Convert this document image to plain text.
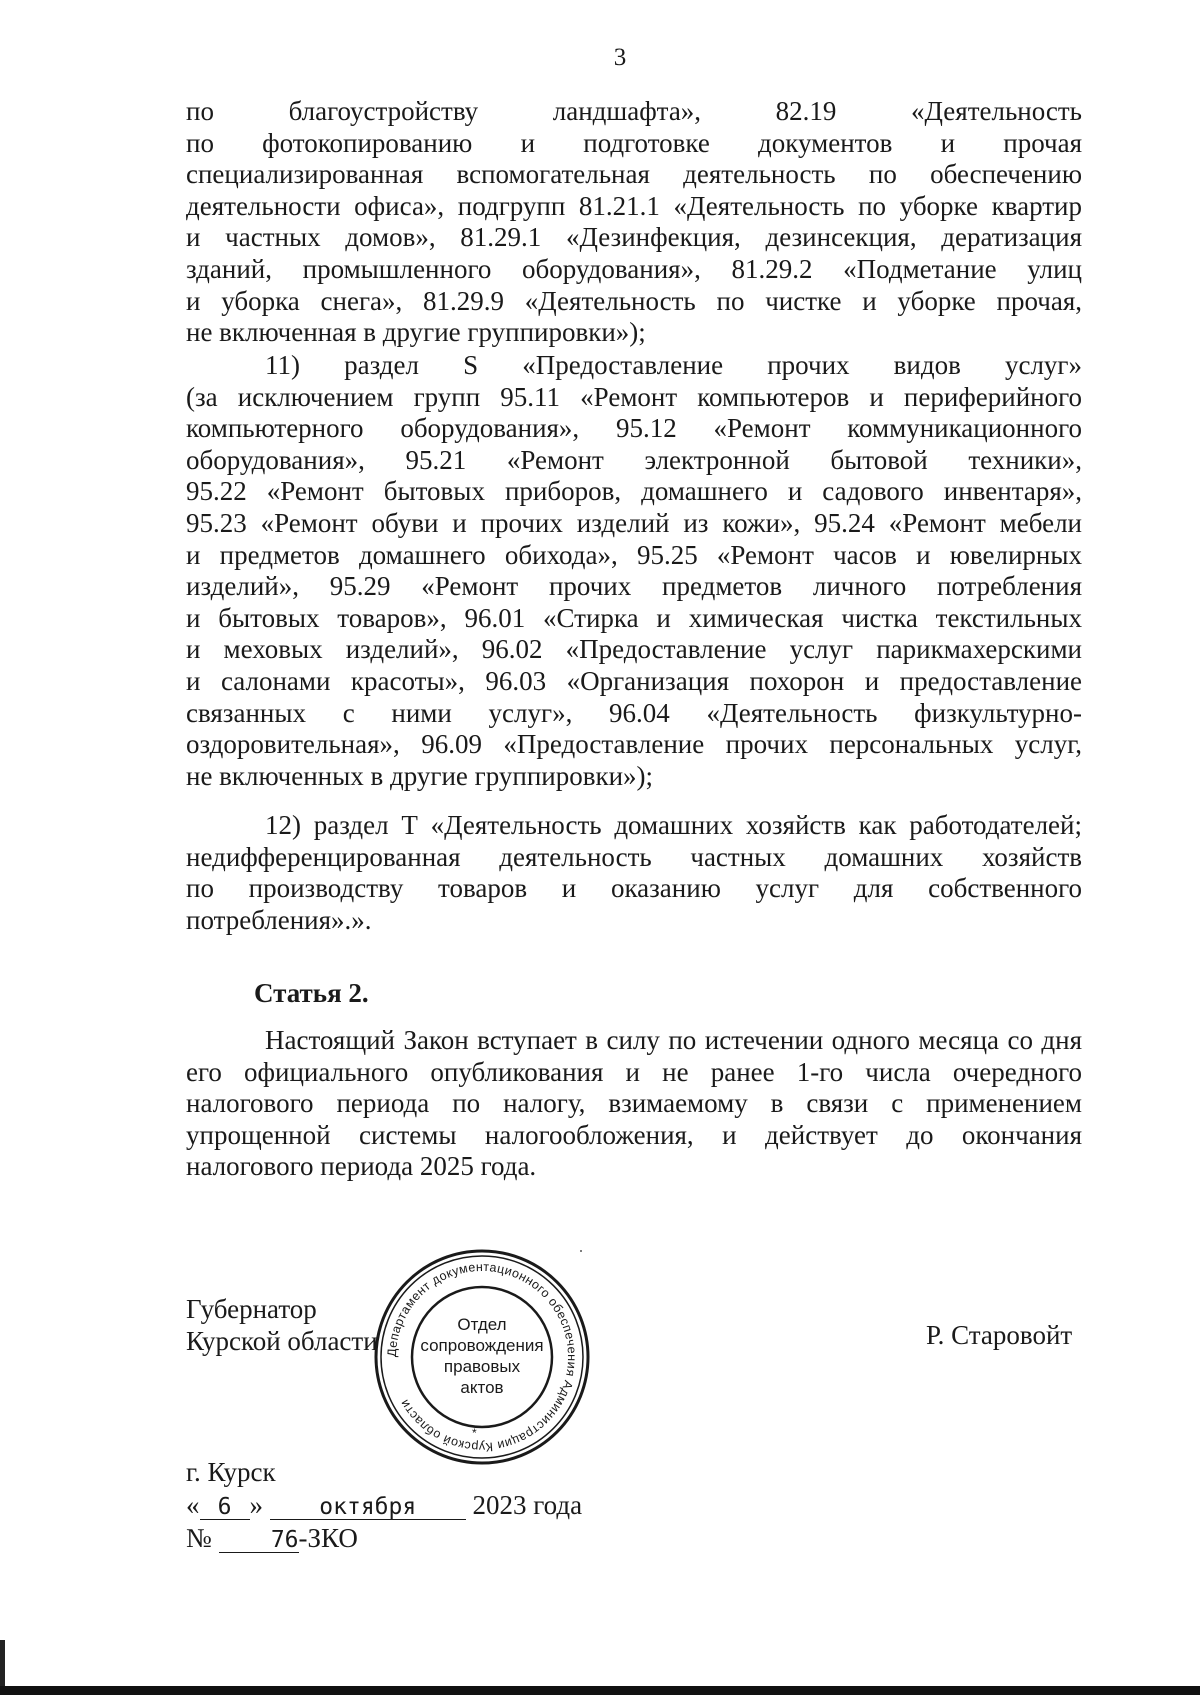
3

по благоустройству ландшафта», 82.19 «Деятельность

по фотокопированию и подготовке документов и прочая

специализированная вспомогательная деятельность по обеспечению

деятельности офиса», подгрупп 81.21.1 «Деятельность по уборке квартир

и частных домов», 81.29.1 «Дезинфекция, дезинсекция, дератизация

зданий, промышленного оборудования», 81.29.2 «Подметание улиц

и уборка снега», 81.29.9 «Деятельность по чистке и уборке прочая,

не включенная в другие группировки»);

11) раздел S «Предоставление прочих видов услуг»

(за исключением групп 95.11 «Ремонт компьютеров и периферийного

компьютерного оборудования», 95.12 «Ремонт коммуникационного

оборудования», 95.21 «Ремонт электронной бытовой техники»,

95.22 «Ремонт бытовых приборов, домашнего и садового инвентаря»,

95.23 «Ремонт обуви и прочих изделий из кожи», 95.24 «Ремонт мебели

и предметов домашнего обихода», 95.25 «Ремонт часов и ювелирных

изделий», 95.29 «Ремонт прочих предметов личного потребления

и бытовых товаров», 96.01 «Стирка и химическая чистка текстильных

и меховых изделий», 96.02 «Предоставление услуг парикмахерскими

и салонами красоты», 96.03 «Организация похорон и предоставление

связанных с ними услуг», 96.04 «Деятельность физкультурно-

оздоровительная», 96.09 «Предоставление прочих персональных услуг,

не включенных в другие группировки»);

12) раздел Т «Деятельность домашних хозяйств как работодателей;

недифференцированная деятельность частных домашних хозяйств

по производству товаров и оказанию услуг для собственного

потребления».».

Статья 2.

Настоящий Закон вступает в силу по истечении одного месяца со дня

его официального опубликования и не ранее 1-го числа очередного

налогового периода по налогу, взимаемому в связи с применением

упрощенной системы налогообложения, и действует до окончания

налогового периода 2025 года.

Губернатор
Курской области Департамент документационного обеспечения Администрации Курской области
*
Отдел
сопровождения
правовых
актов
Р. Старовойт
г. Курск
« 6 » октября 2023 года
№	76-ЗКО
